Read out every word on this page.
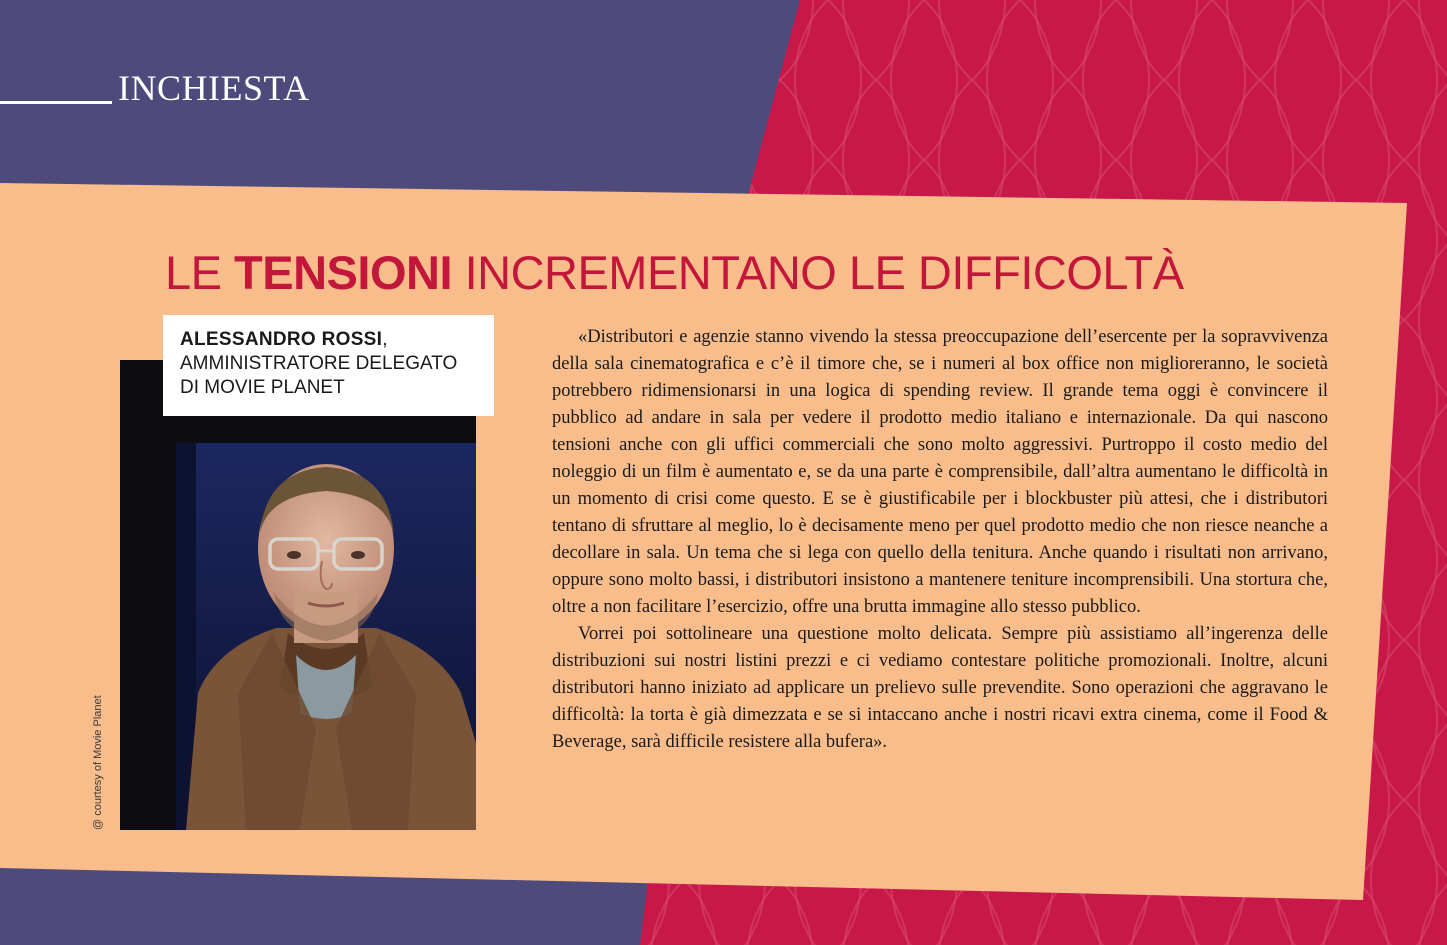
INCHIESTA
LE TENSIONI INCREMENTANO LE DIFFICOLTÀ
ALESSANDRO ROSSI,
AMMINISTRATORE DELEGATO
DI MOVIE PLANET
@ courtesy of Movie Planet

«Distributori e agenzie stanno vivendo la stessa preoccupazione dell’esercente per la sopravvivenza della sala cinematografica e c’è il timore che, se i numeri al box office non miglioreranno, le società potrebbero ridimensionarsi in una logica di spending review. Il grande tema oggi è convincere il pubblico ad andare in sala per vedere il prodotto medio italiano e internazionale. Da qui nascono tensioni anche con gli uffici commerciali che sono molto aggressivi. Purtroppo il costo medio del noleggio di un film è aumentato e, se da una parte è comprensibile, dall’altra aumentano le difficoltà in un momento di crisi come questo. E se è giustificabile per i blockbuster più attesi, che i distributori tentano di sfruttare al meglio, lo è decisamente meno per quel prodotto medio che non riesce neanche a decollare in sala. Un tema che si lega con quello della tenitura. Anche quando i risultati non arrivano, oppure sono molto bassi, i distributori insistono a mantenere teniture incomprensibili. Una stortura che, oltre a non facilitare l’esercizio, offre una brutta immagine allo stesso pubblico.

Vorrei poi sottolineare una questione molto delicata. Sempre più assistiamo all’ingerenza delle distribuzioni sui nostri listini prezzi e ci vediamo contestare politiche promozionali. Inoltre, alcuni distributori hanno iniziato ad applicare un prelievo sulle prevendite. Sono operazioni che aggravano le difficoltà: la torta è già dimezzata e se si intaccano anche i nostri ricavi extra cinema, come il Food & Beverage, sarà difficile resistere alla bufera».
